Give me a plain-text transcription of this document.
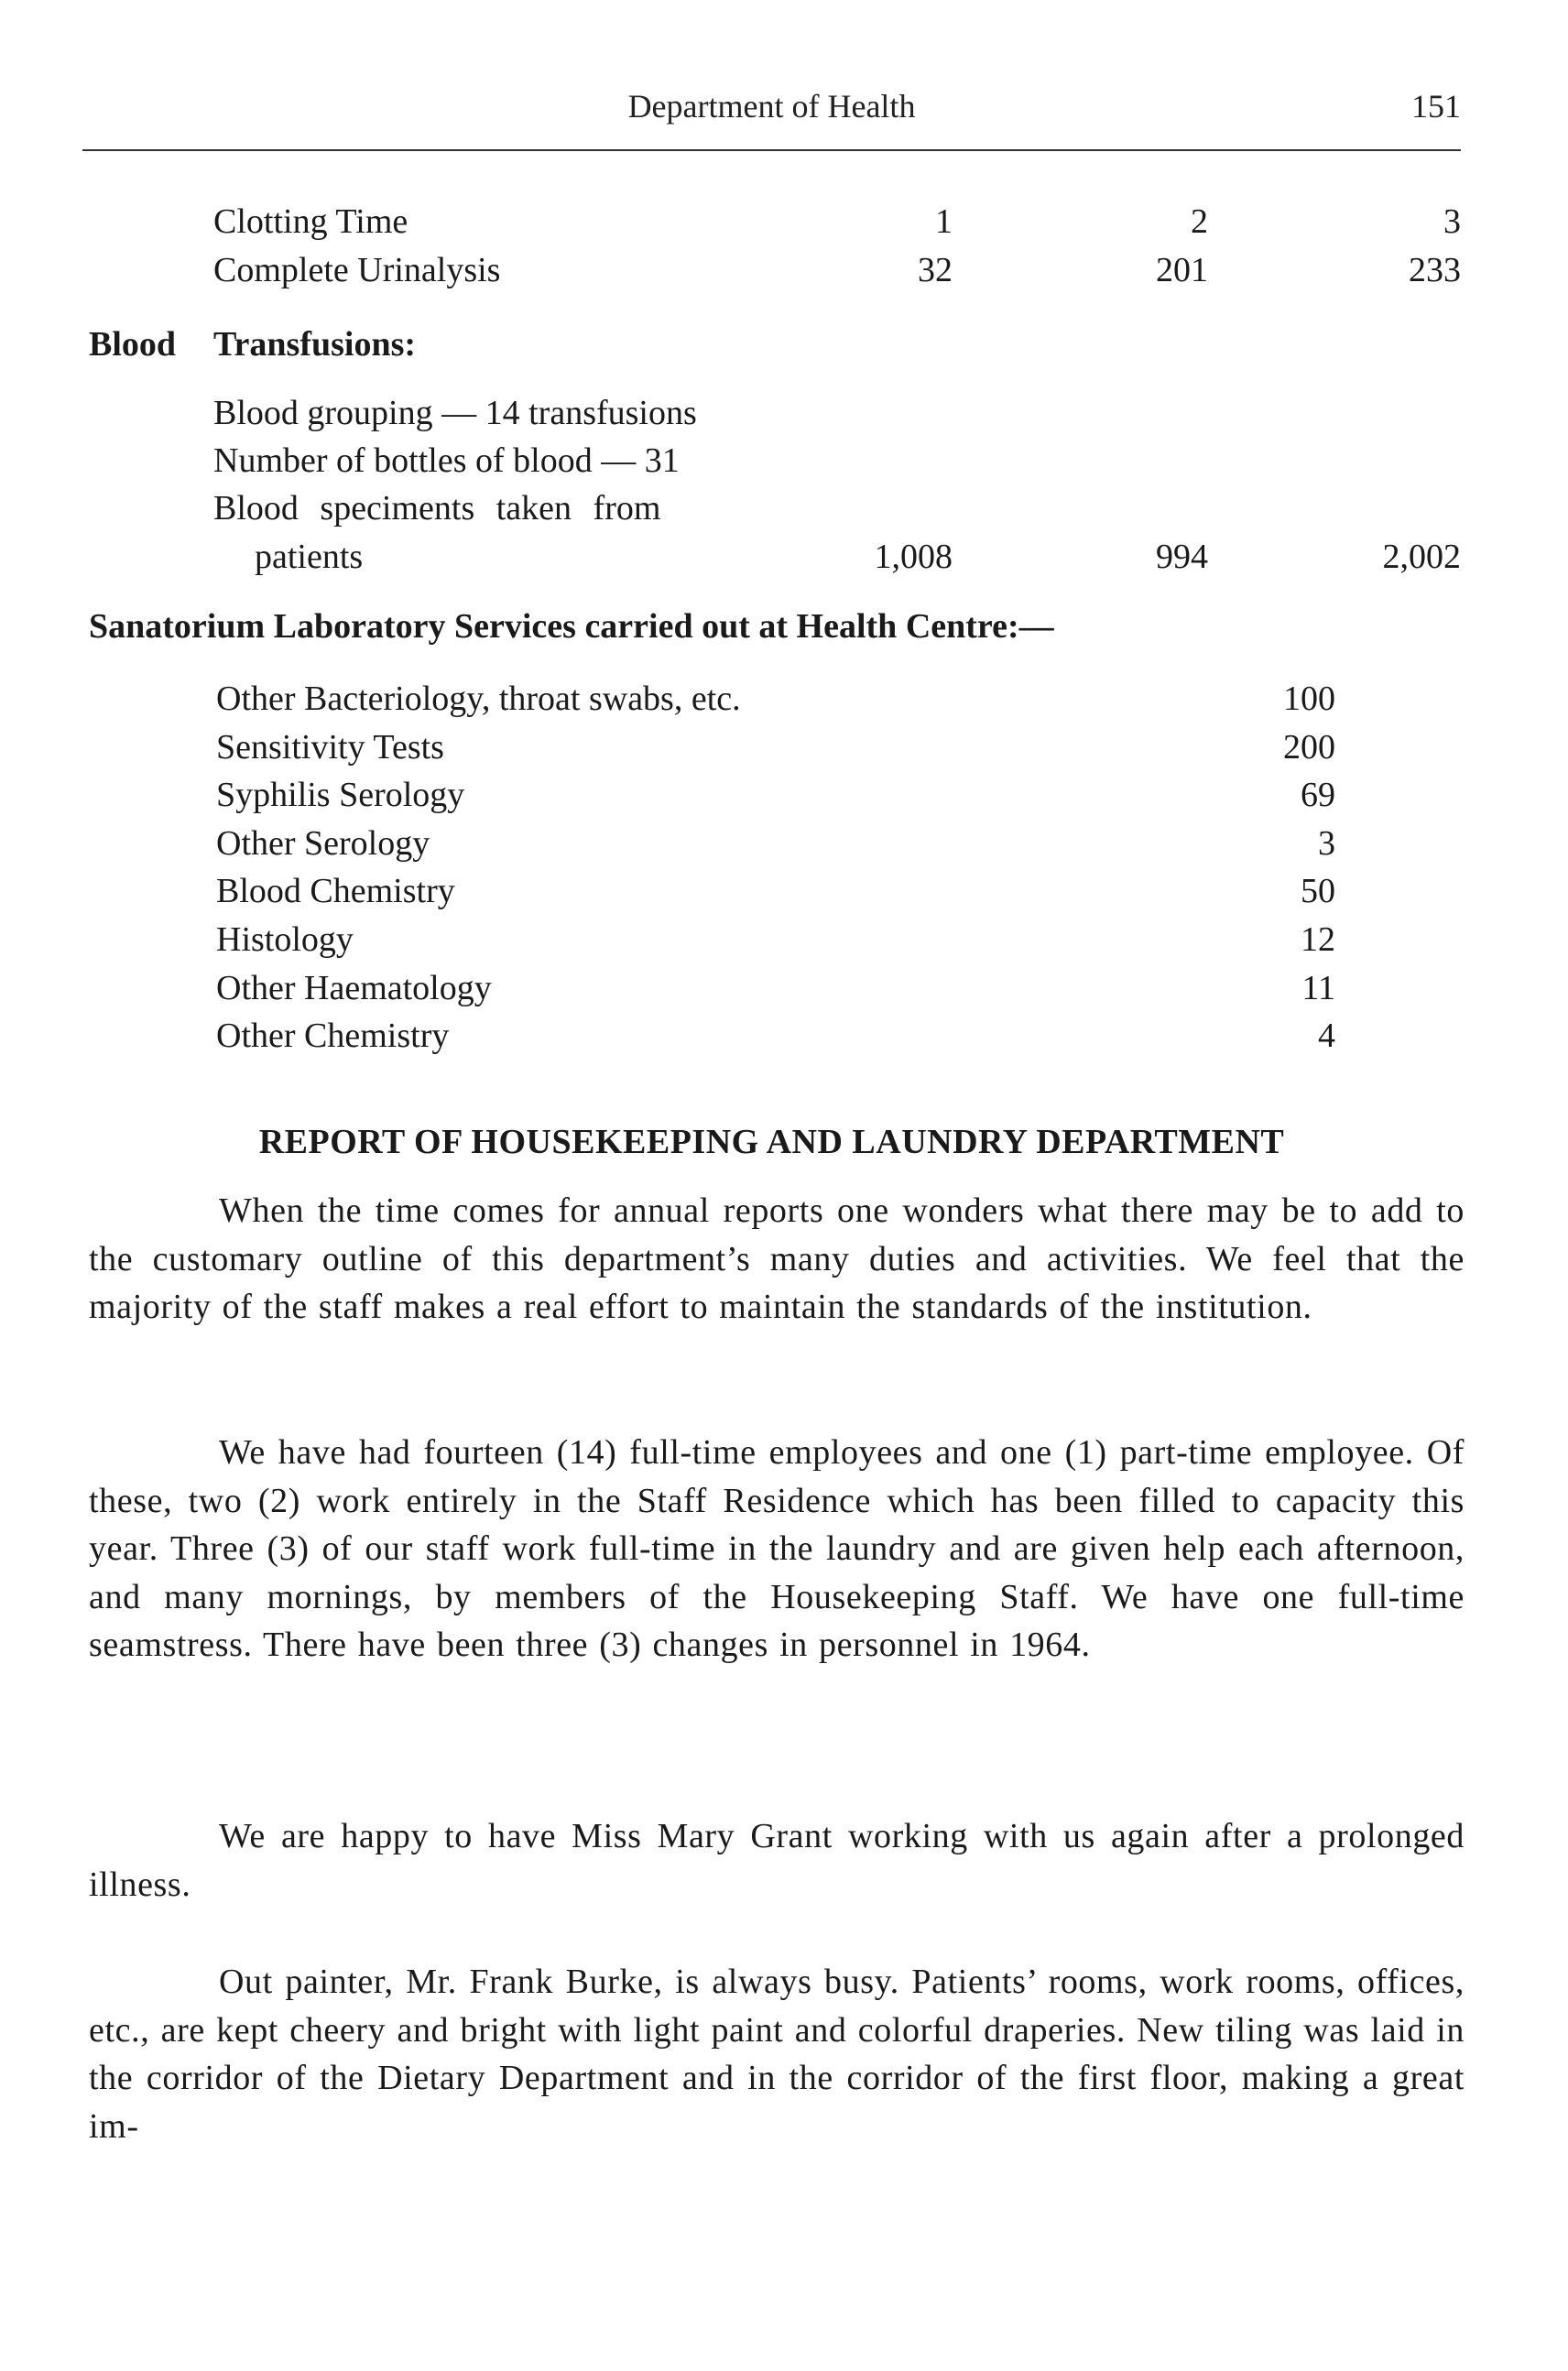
Department of Health	151
Clotting Time	1	2	3
Complete Urinalysis	32	201	233
Blood Transfusions:
Blood grouping — 14 transfusions
Number of bottles of blood — 31
Blood speciments taken from
patients	1,008	994	2,002
Sanatorium Laboratory Services carried out at Health Centre:—
Other Bacteriology, throat swabs, etc.	100
Sensitivity Tests	200
Syphilis Serology	69
Other Serology	3
Blood Chemistry	50
Histology	12
Other Haematology	11
Other Chemistry	4
REPORT OF HOUSEKEEPING AND LAUNDRY DEPARTMENT

When the time comes for annual reports one wonders what there may be to add to the customary outline of this department’s many duties and activities. We feel that the majority of the staff makes a real effort to maintain the standards of the institution.

We have had fourteen (14) full-time employees and one (1) part-time employee. Of these, two (2) work entirely in the Staff Residence which has been filled to capacity this year. Three (3) of our staff work full-time in the laundry and are given help each afternoon, and many mornings, by members of the Housekeeping Staff. We have one full-time seamstress. There have been three (3) changes in personnel in 1964.

We are happy to have Miss Mary Grant working with us again after a prolonged illness.

Out painter, Mr. Frank Burke, is always busy. Patients’ rooms, work rooms, offices, etc., are kept cheery and bright with light paint and colorful draperies. New tiling was laid in the corridor of the Dietary Department and in the corridor of the first floor, making a great im-
